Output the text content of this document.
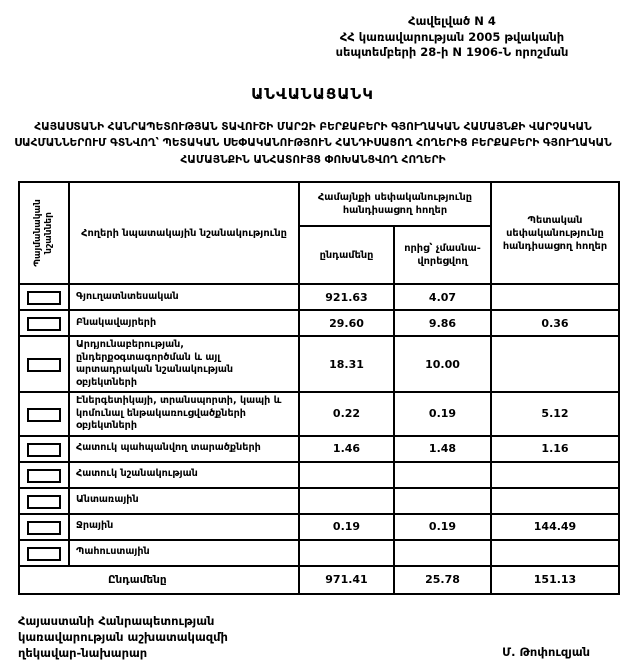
Հավելված N 4
ՀՀ կառավարության 2005 թվականի
սեպտեմբերի 28-ի N 1906-Ն որոշման
ԱՆՎԱՆԱՑԱՆԿ
ՀԱՅԱՍՏԱՆԻ ՀԱՆՐԱՊԵՏՈՒԹՅԱՆ ՏԱՎՈՒՇԻ ՄԱՐԶԻ ԲԵՐՔԱԲԵՐԻ ԳՅՈՒՂԱԿԱՆ ՀԱՄԱՅՆՔԻ ՎԱՐՉԱԿԱՆ ՍԱՀՄԱՆՆԵՐՈՒՄ ԳՏՆՎՈՂ՝ ՊԵՏԱԿԱՆ ՍԵՓԱԿԱՆՈՒԹՅՈՒՆ ՀԱՆԴԻՍԱՑՈՂ ՀՈՂԵՐԻՑ ԲԵՐՔԱԲԵՐԻ ԳՅՈՒՂԱԿԱՆ ՀԱՄԱՅՆՔԻՆ ԱՆՀԱՏՈՒՅՑ ՓՈԽԱՆՑՎՈՂ ՀՈՂԵՐԻ
Պայմանական նշաններ	Հողերի նպատակային նշանակությունը	Համայնքի սեփականությունը հանդիսացող հողեր		Պետական սեփականությունը հանդիսացող հողեր
		ընդամենը	որից՝ չմասնա-վորեցվող	
	Գյուղատնտեսական	921.63	4.07	
	Բնակավայրերի	29.60	9.86	0.36
	Արդյունաբերության, ընդերքօգտագործման և այլ արտադրական նշանակության օբյեկտների	18.31	10.00	
	Էներգետիկայի, տրանսպորտի, կապի և կոմունալ ենթակառուցվածքների օբյեկտների	0.22	0.19	5.12
	Հատուկ պահպանվող տարածքների	1.46	1.48	1.16
	Հատուկ նշանակության			
	Անտառային			
	Ջրային	0.19	0.19	144.49
	Պահուստային			
Ընդամենը		971.41	25.78	151.13
Հայաստանի Հանրապետության
կառավարության աշխատակազմի
ղեկավար-նախարար	Մ. Թոփուզյան
